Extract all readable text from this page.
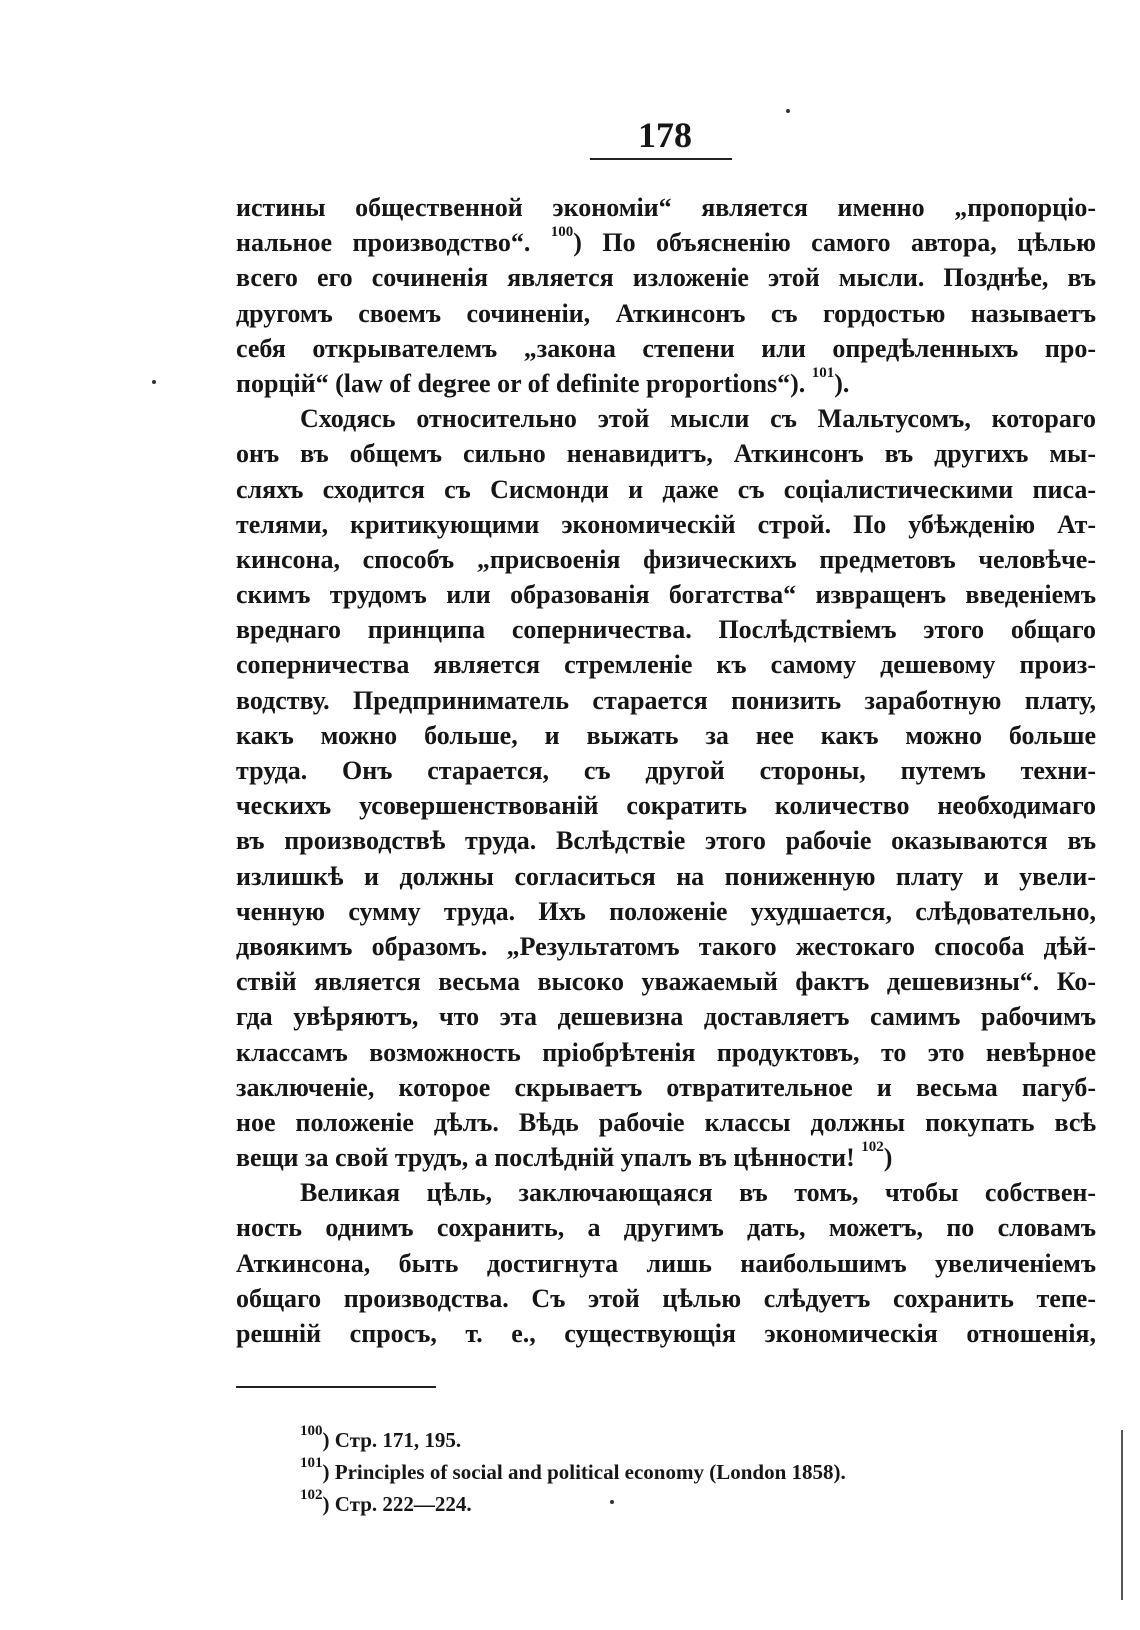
178
истины общественной экономіи“ является именно „пропорціо-
нальное производство“. $^{100}$) По объясненію самого автора, цѣлью
всего его сочиненія является изложеніе этой мысли. Позднѣе, въ
другомъ своемъ сочиненіи, Аткинсонъ съ гордостью называетъ
себя открывателемъ „закона степени или опредѣленныхъ про-
порцій“ (law of degree or of definite proportions“). $^{101}$).
Сходясь относительно этой мысли съ Мальтусомъ, котораго
онъ въ общемъ сильно ненавидитъ, Аткинсонъ въ другихъ мы-
сляхъ сходится съ Сисмонди и даже съ соціалистическими писа-
телями, критикующими экономическій строй. По убѣжденію Ат-
кинсона, способъ „присвоенія физическихъ предметовъ человѣче-
скимъ трудомъ или образованія богатства“ извращенъ введеніемъ
вреднаго принципа соперничества. Послѣдствіемъ этого общаго
соперничества является стремленіе къ самому дешевому произ-
водству. Предприниматель старается понизить заработную плату,
какъ можно больше, и выжать за нее какъ можно больше
труда. Онъ старается, съ другой стороны, путемъ техни-
ческихъ усовершенствованій сократить количество необходимаго
въ производствѣ труда. Вслѣдствіе этого рабочіе оказываются въ
излишкѣ и должны согласиться на пониженную плату и увели-
ченную сумму труда. Ихъ положеніе ухудшается, слѣдовательно,
двоякимъ образомъ. „Результатомъ такого жестокаго способа дѣй-
ствій является весьма высоко уважаемый фактъ дешевизны“. Ко-
гда увѣряютъ, что эта дешевизна доставляетъ самимъ рабочимъ
классамъ возможность пріобрѣтенія продуктовъ, то это невѣрное
заключеніе, которое скрываетъ отвратительное и весьма пагуб-
ное положеніе дѣлъ. Вѣдь рабочіе классы должны покупать всѣ
вещи за свой трудъ, а послѣдній упалъ въ цѣнности! $^{102}$)
Великая цѣль, заключающаяся въ томъ, чтобы собствен-
ность однимъ сохранить, а другимъ дать, можетъ, по словамъ
Аткинсона, быть достигнута лишь наибольшимъ увеличеніемъ
общаго производства. Съ этой цѣлью слѣдуетъ сохранить тепе-
решній спросъ, т. е., существующія экономическія отношенія,
$^{100}$) Стр. 171, 195.
$^{101}$) Principles of social and political economy (London 1858).
$^{102}$) Стр. 222—224.
